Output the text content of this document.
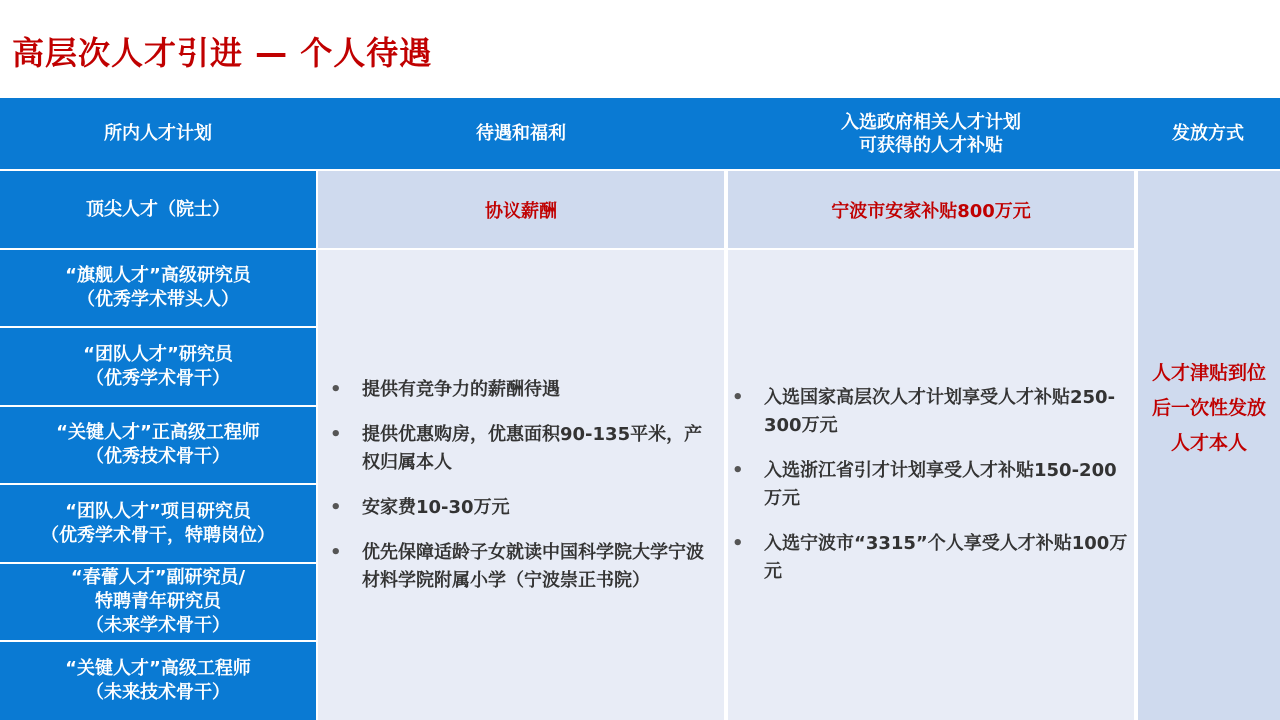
高层次人才引进 — 个人待遇
所内人才计划	待遇和福利
入选政府相关人才计划
可获得的人才补贴
发放方式
顶尖人才（院士）
“旗舰人才”高级研究员
（优秀学术带头人）
“团队人才”研究员
（优秀学术骨干）
“关键人才”正高级工程师
（优秀技术骨干）
“团队人才”项目研究员
（优秀学术骨干，特聘岗位）
“春蕾人才”副研究员/
特聘青年研究员
（未来学术骨干）
“关键人才”高级工程师
（未来技术骨干）
协议薪酬	宁波市安家补贴800万元
• 提供有竞争力的薪酬待遇
• 提供优惠购房，优惠面积90-135平米，产权归属本人
• 安家费10-30万元
• 优先保障适龄子女就读中国科学院大学宁波材料学院附属小学（宁波崇正书院）
• 入选国家高层次人才计划享受人才补贴250-300万元
• 入选浙江省引才计划享受人才补贴150-200万元
• 入选宁波市“3315”个人享受人才补贴100万元
人才津贴到位
后一次性发放
人才本人
